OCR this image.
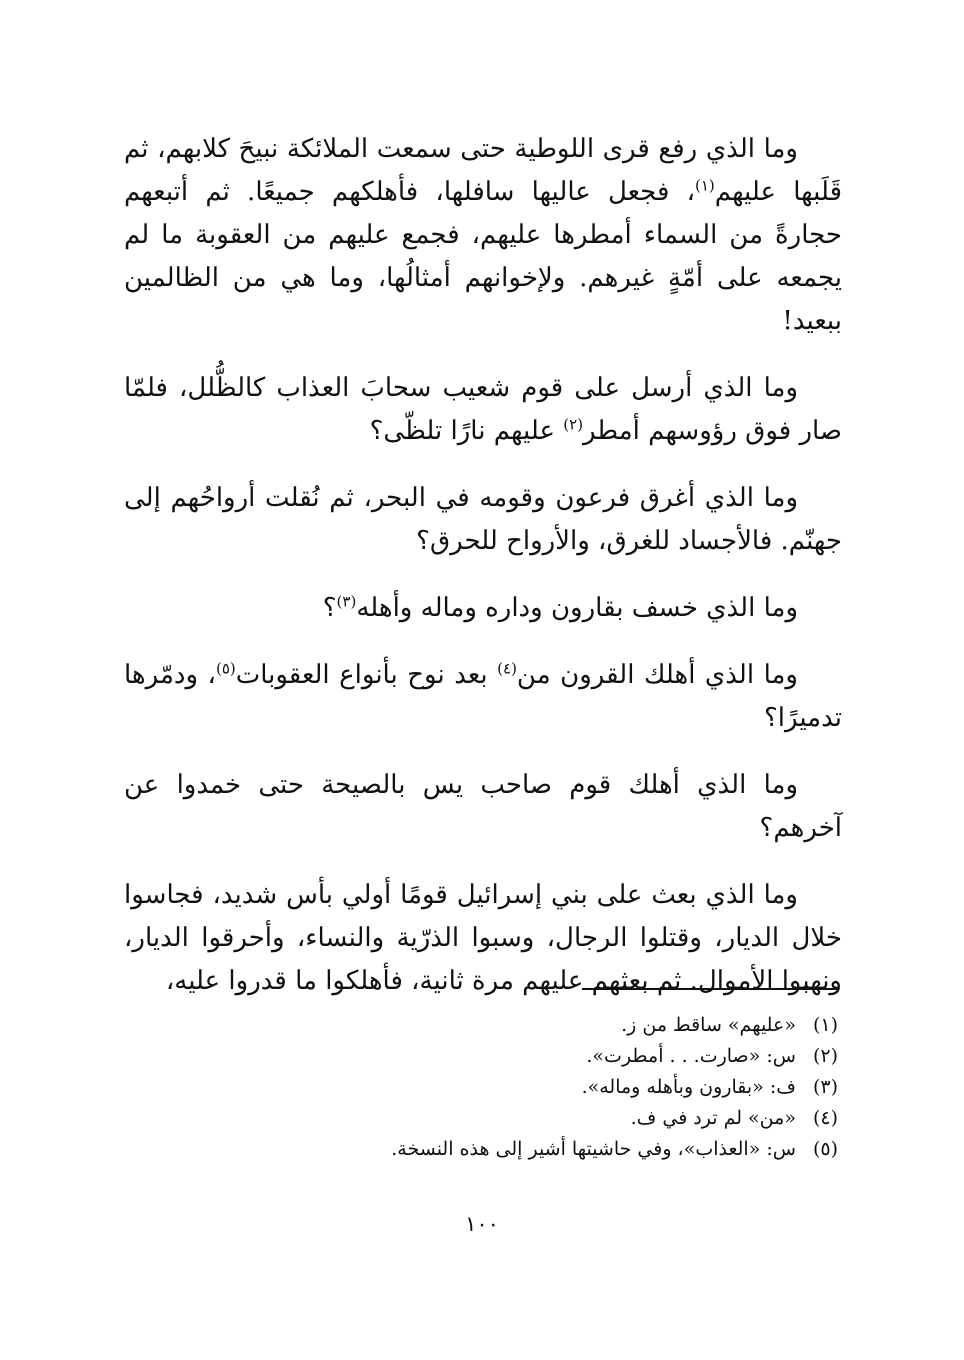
وما الذي رفع قرى اللوطية حتى سمعت الملائكة نبيحَ كلابهم، ثم قَلَبها عليهم$^{(١)}$، فجعل عاليها سافلها، فأهلكهم جميعًا. ثم أتبعهم حجارةً من السماء أمطرها عليهم، فجمع عليهم من العقوبة ما لم يجمعه على أمّةٍ غيرهم. ولإخوانهم أمثالُها، وما هي من الظالمين ببعيد!

وما الذي أرسل على قوم شعيب سحابَ العذاب كالظُّلل، فلمّا صار فوق رؤوسهم أمطر$^{(٢)}$ عليهم نارًا تلظّى؟

وما الذي أغرق فرعون وقومه في البحر، ثم نُقلت أرواحُهم إلى جهنّم. فالأجساد للغرق، والأرواح للحرق؟

وما الذي خسف بقارون وداره وماله وأهله$^{(٣)}$؟

وما الذي أهلك القرون من$^{(٤)}$ بعد نوح بأنواع العقوبات$^{(٥)}$، ودمّرها تدميرًا؟

وما الذي أهلك قوم صاحب يس بالصيحة حتى خمدوا عن آخرهم؟

وما الذي بعث على بني إسرائيل قومًا أولي بأس شديد، فجاسوا خلال الديار، وقتلوا الرجال، وسبوا الذرّية والنساء، وأحرقوا الديار، ونهبوا الأموال. ثم بعثهم عليهم مرة ثانية، فأهلكوا ما قدروا عليه،

(١) «عليهم» ساقط من ز.

(٢) س: «صارت. . . أمطرت».

(٣) ف: «بقارون وبأهله وماله».

(٤) «من» لم ترد في ف.

(٥) س: «العذاب»، وفي حاشيتها أشير إلى هذه النسخة.

١٠٠
